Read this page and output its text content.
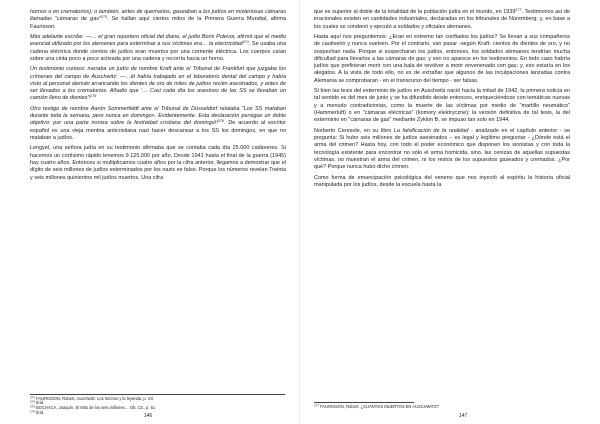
hornos o en crematorios); o también, antes de quemarlos, gaseaban a los judíos en misteriosas cámaras llamadas "cámaras de gas"$^{273}$. Se hallan aquí ciertos mitos de la Primera Guerra Mundial, afirma Faurisson.

Más adelante escribe: —… el gran reportero oficial del diario, el judío Boris Polevoi, afirmó que el medio esencial utilizado por los alemanes para exterminar a sus víctimas era… la electricidad$^{274}$. Se usaba una cadena eléctrica donde cientos de judíos eran muertos por una corriente eléctrica. Los cuerpos caían sobre una cinta poco a poco activada por una cadena y recorría hacia un horno.

Un testimonio curioso: narraba un judío de nombre Kraft ante el Tribunal de Frankfurt que juzgaba los crímenes del campo de Auschwitz: —…él había trabajado en el laboratorio dental del campo y había visto al personal alemán arrancando los dientes de oro de miles de judíos recién asesinados, y antes de ser llevados a los crematorios. Añadió que '… Casi cada día los asesinos de las SS se llevaban un camión lleno de dientes'!$^{275}$

Otro testigo de nombre Aarón Sommerfeldt ante el Tribunal de Düsseldorf relataba "Los SS mataban durante toda la semana, pero nunca en domingo». Evidentemente. Esta declaración persigue un doble objetivo: por una parte ironiza sobre la festividad cristiana del domingo!!$^{276}$. De acuerdo al escritor español es una vieja mentira anticristiana nazi hacer descansar a los SS los domingos, en que no mataban a judíos.

Lengyel, una señora judía en su testimonio afirmaba que se contaba cada día 25.000 cadáveres. Si hacemos un cortísimo rápido tenemos 9.125.000 por año. Desde 1941 hasta el final de la guerra (1945) hay cuatro años. Entonces si multiplicamos cuatro años por la cifra anterior, llegamos a demostrar que el dígito de seis millones de judíos exterminados por los nazis es falso. Porque los números revelan Treinta y seis millones quinientos mil judíos muertos. Una cifra

$^{273}$ FAURISSON, Robert, Auschwitz: Los hechos y la leyenda, p. XX

$^{274}$ Ibíd.

$^{275}$ BOCHACA, Joaquín, El Mito de los seis millones… Ob. Cit., p. 61

$^{276}$ Ibíd.

146

que es superior al doble de la totalidad de la población judía en el mundo, en 1939$^{277}$. Testimonios así de irracionales existen en cantidades industriales, declaradas en los tribunales de Núremberg; y, en base a los cuales se condenó y ejecutó a soldados y oficiales alemanes.

Hasta aquí nos preguntemos: ¿Eran en extremo tan confiados los judíos? Se llevan a sus compañeros de cautiverio y nunca vuelven. Por el contrario, van pasar -según Kraft- cientos de dientes de oro, y no sospechan nada. Porque si sospecharan los judíos, entonces, los soldados alemanes tendrían mucha dificultad para llevarlos a las cámaras de gas; y eso no aparece en los testimonios. En todo caso habría judíos que prefirieran morir con una bala de revólver a morir envenenado con gas; y, eso estaría en los alegatos. A la vista de todo ello, no es de extrañar que algunos de las inculpaciones lanzadas contra Alemania se comprobaran - en el transcurso del tiempo - ser falsas.

Si bien las tesis del exterminio de judíos en Auschwitz nació hacia la mitad de 1942, la primera noticia en tal sentido es del mes de junio y se ha difundido desde entonces, enriqueciéndose con temáticas nuevas y a menudo contradictorias, como la muerte de las víctimas por medio de "martillo neumático" (Hammerluft) o en "cámaras eléctricas" (komory elektryczne); la versión definitiva de tal tesis, la del exterminio en "cámaras de gas" mediante Zyklon B, se impuso tan solo en 1944.

Norberto Ceresole, en su libro La falsificación de la realidad - analizado en el capítulo anterior - se pregunta: Si hubo seis millones de judíos asesinados – es legal y legítimo preguntar - ¿Dónde está el arma del crimen? Hasta hoy, con todo el poder económico que disponen los sionistas y con toda la tecnología existente para encontrar no sólo el arma homicida, sino, las cenizas de aquellas supuestas víctimas, no muestran el arma del crimen, ni los restos de los supuestos gaseados y cremados. ¿Por qué? Porque nunca hubo dicho crimen.

Como forma de emancipación psicológica del veneno que nos inyectó al espíritu la historia oficial manipulada por los judíos, desde la escuela hasta la

$^{277}$ FAURISSON, Robert, ¿CUÁNTOS MUERTOS EN AUSCHWITZ?

147
